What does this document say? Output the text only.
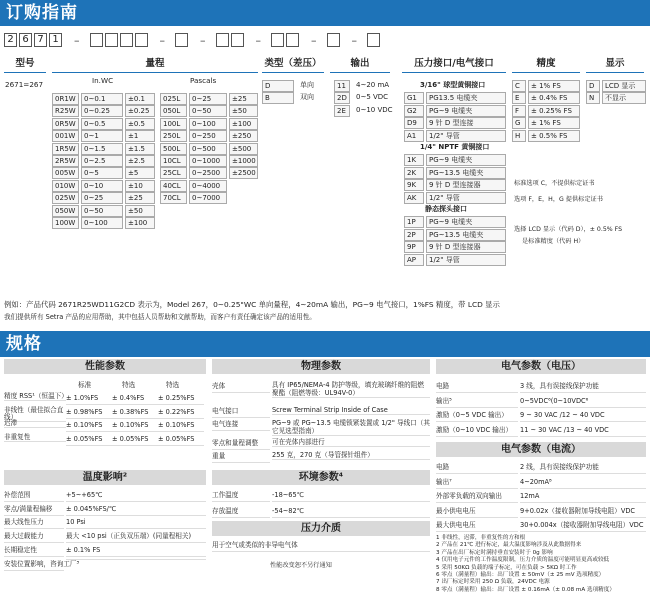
订购指南
2 6 7 1	–	–	–	–	–	–
型号	量程	类型（差压）	输出	压力接口/电气接口	精度	显示
2671=267	In.WC	Pascals
标准选项 C，不提供标定证书
选项 F，E，H，G 提供标定证书
选择 LCD 显示（代码 D），± 0.5% FS
是标准精度（代码 H）
例如：产品代码 2671R25WD11G2CD 表示为，Model 267，0~0.25"WC 单向量程，4~20mA 输出，PG~9 电气接口，1%FS 精度，带 LCD 显示
我们提供所有 Setra 产品的应用帮助，其中包括人员帮助和文献帮助，而客户有责任确定该产品的适用性。
规格
0R1W	0~0.1	±0.1
R25W	0~0.25	±0.25
0R5W	0~0.5	±0.5
001W	0~1	±1
1R5W	0~1.5	±1.5
2R5W	0~2.5	±2.5
005W	0~5	±5
010W	0~10	±10
025W	0~25	±25
050W	0~50	±50
100W	0~100	±100
025L	0~25	±25
050L	0~50	±50
100L	0~100	±100
250L	0~250	±250
500L	0~500	±500
10CL	0~1000	±1000
25CL	0~2500	±2500
40CL	0~4000
70CL	0~7000
D	单向
B	双向
11	4~20 mA
2D	0~5 VDC
2E	0~10 VDC
3/16" 球型黄铜接口
G1	PG13.5 电缆夹
G2	PG~9 电缆夹
D9	9 针 D 型连接
A1	1/2" 导管
1/4" NPTF 黄铜接口
1K	PG~9 电缆夹
2K	PG~13.5 电缆夹
9K	9 针 D 型连接器
AK	1/2" 导管
静态探头接口
1P	PG~9 电缆夹
2P	PG~13.5 电缆夹
9P	9 针 D 型连接器
AP	1/2" 导管
C	± 1% FS
E	± 0.4% FS
F	± 0.25% FS
G	± 1% FS
H	± 0.5% FS
D	LCD 显示
N	不显示
性能参数
标准	特选	特选
精度 RSS¹（恒温下）
± 1.0%FS	± 0.4%FS	± 0.25%FS
非线性（最佳拟合直线）
± 0.98%FS	± 0.38%FS	± 0.22%FS
迟滞	± 0.10%FS	± 0.10%FS	± 0.10%FS
非重复性	± 0.05%FS	± 0.05%FS	± 0.05%FS
温度影响²
补偿范围	+5~+65℃
零点/满量程偏移	± 0.045%FS/℃
最大线性压力	10 Psi
最大过载能力	最大 <10 psi（正负双压端）(同量程相关)
长期稳定性	± 0.1% FS
安装位置影响，咨询工厂³
物理参数
壳体	具有 IP65/NEMA-4 防护等级，填充玻璃纤维的阻燃聚酯（阻燃等级：UL94V-0）
电气接口	Screw Terminal Strip Inside of Case
电气连接	PG~9 或 PG~13.5 电缆锁紧装置或 1/2" 导线口（其它见选型指南）
零点和量程调整	可在壳体内部进行
重量	255 克，270 克（导管探针组件）
环境参数⁴
工作温度	-18~65℃
存放温度	-54~82℃
压力介质
用于空气或类似的非导电气体
性能改变恕不另行通知
电气参数（电压）
电路	3 线，具有误接线保护功能
输出⁵	0~5VDC⁶(0~10VDC⁶
激励（0~5 VDC 输出）	9 ~ 30 VAC /12 ~ 40 VDC
激励（0~10 VDC 输出）	11 ~ 30 VAC /13 ~ 40 VDC
电气参数（电流）
电路	2 线，具有误接线保护功能
输出⁷	4~20mA⁸
外部零负载的双向输出	12mA
最小供电电压	9+0.02x（接收器附加导线电阻）VDC
最大供电电压	30+0.004x（接收器附加导线电阻）VDC
1 非线性，迟滞，非重复性的方和根
2 产品在 21℃ 进行标定，最大温度影响涉及从此数据得来
3 产品在出厂标定时满持垂直安装时于 0g 影响
4 仅用电子元件的工作温度限制，压力介质的温度可能明显更高或较低
5 采用 50KΩ 负载的端子标定，可在负载 > 5KΩ 时工作
6 零点（满量程）输出：出厂设置 ± 50mV（± 25 mV 选项精度）
7 出厂标定时采用 250 Ω 负载，24VDC 电源
8 零点（满量程）输出：出厂设置 ± 0.16mA（± 0.08 mA 选项精度）
